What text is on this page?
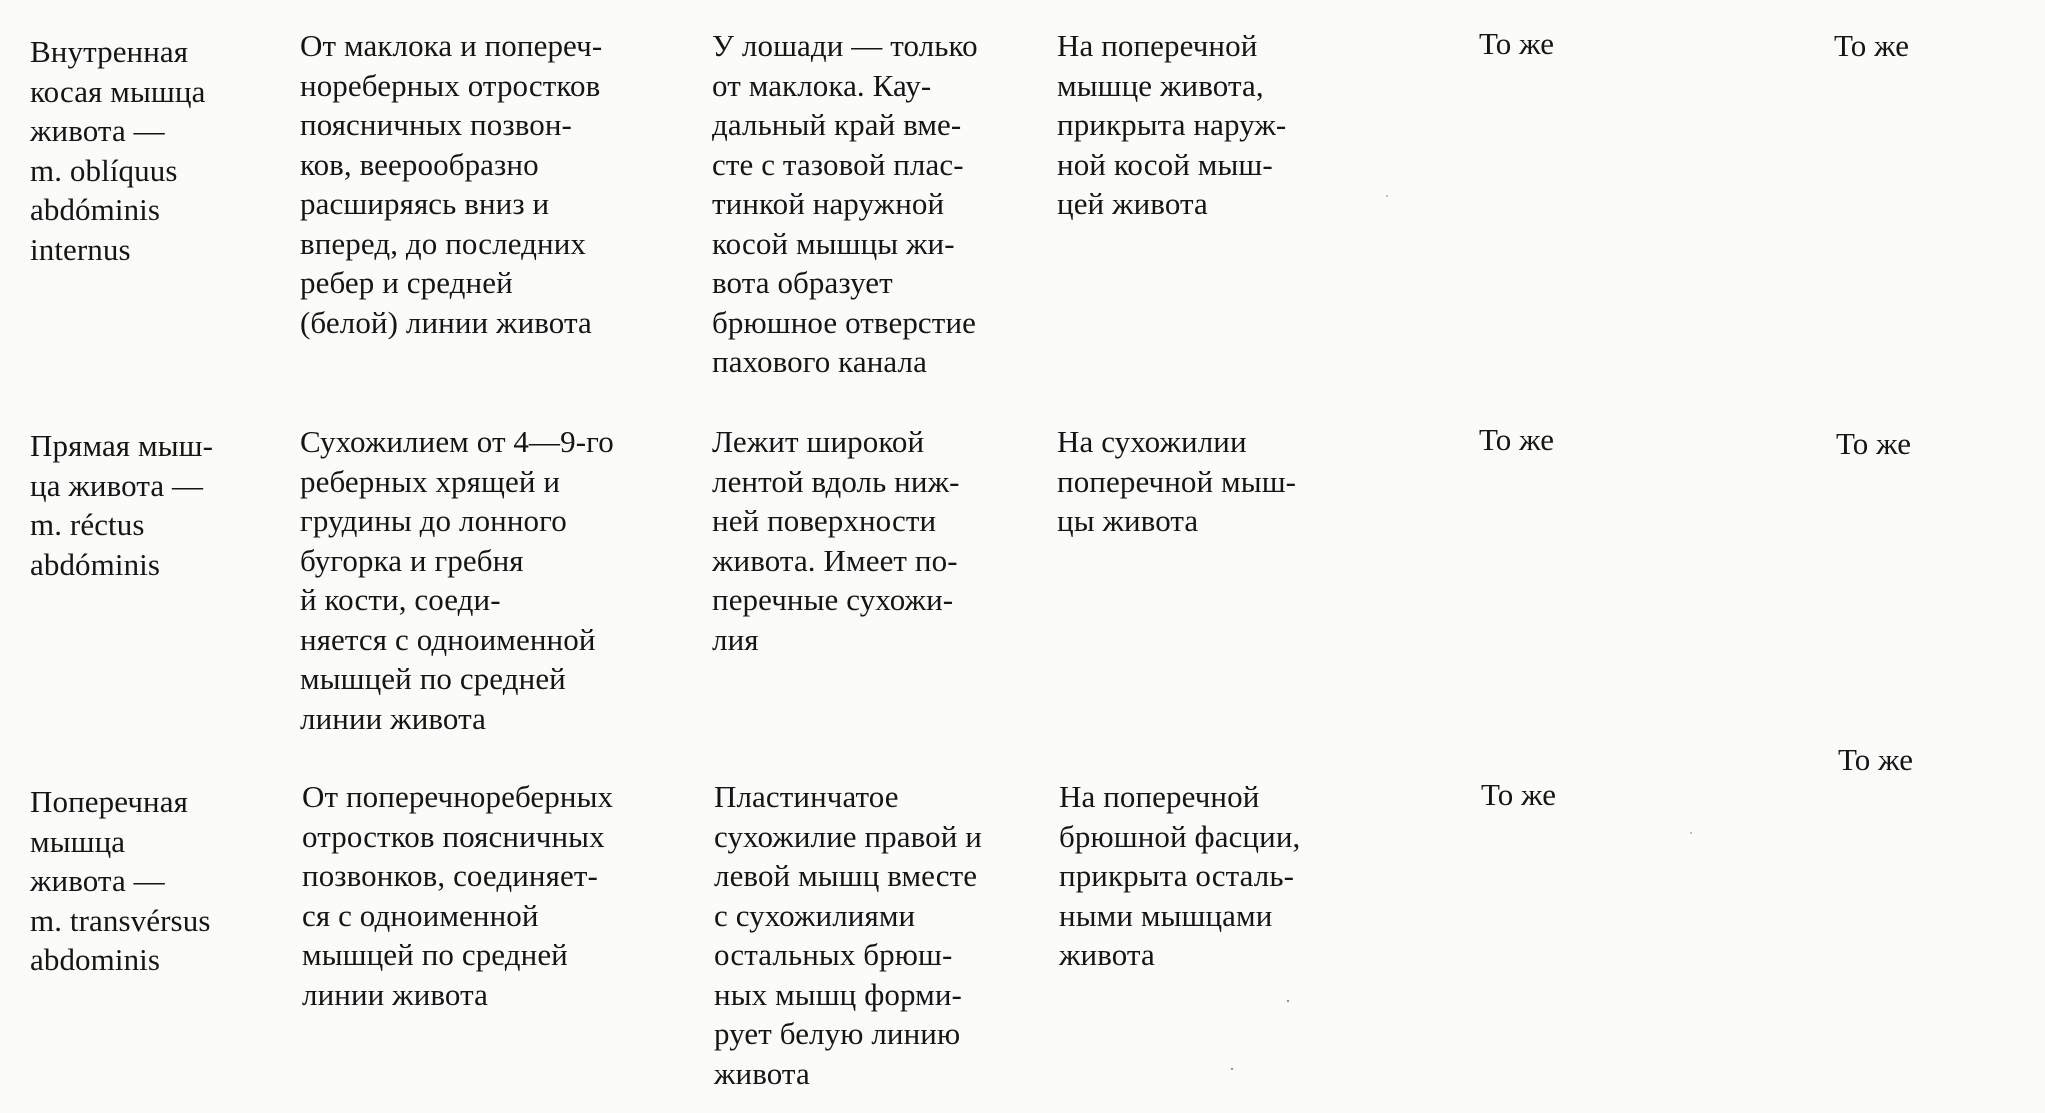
Внутренная
косая мышца
живота —
m. oblíquus
abdóminis
internus
От маклока и попереч-
нореберных отростков
поясничных позвон-
ков, веерообразно
расширяясь вниз и
вперед, до последних
ребер и средней
(белой) линии живота
У лошади — только
от маклока. Кау-
дальный край вме-
сте с тазовой плас-
тинкой наружной
косой мышцы жи-
вота образует
брюшное отверстие
пахового канала
На поперечной
мышце живота,
прикрыта наруж-
ной косой мыш-
цей живота
То же	То же
Прямая мыш-
ца живота —
m. réctus
abdóminis
Сухожилием от 4—9-го
реберных хрящей и
грудины до лонного
бугорка и гребня
й кости, соеди-
няется с одноименной
мышцей по средней
линии живота
Лежит широкой
лентой вдоль ниж-
ней поверхности
живота. Имеет по-
перечные сухожи-
лия
На сухожилии
поперечной мыш-
цы живота
То же	То же
Поперечная
мышца
живота —
m. transvérsus
abdominis
От поперечнореберных
отростков поясничных
позвонков, соединяет-
ся с одноименной
мышцей по средней
линии живота
Пластинчатое
сухожилие правой и
левой мышц вместе
с сухожилиями
остальных брюш-
ных мышц форми-
рует белую линию
живота
На поперечной
брюшной фасции,
прикрыта осталь-
ными мышцами
живота
То же
То же
